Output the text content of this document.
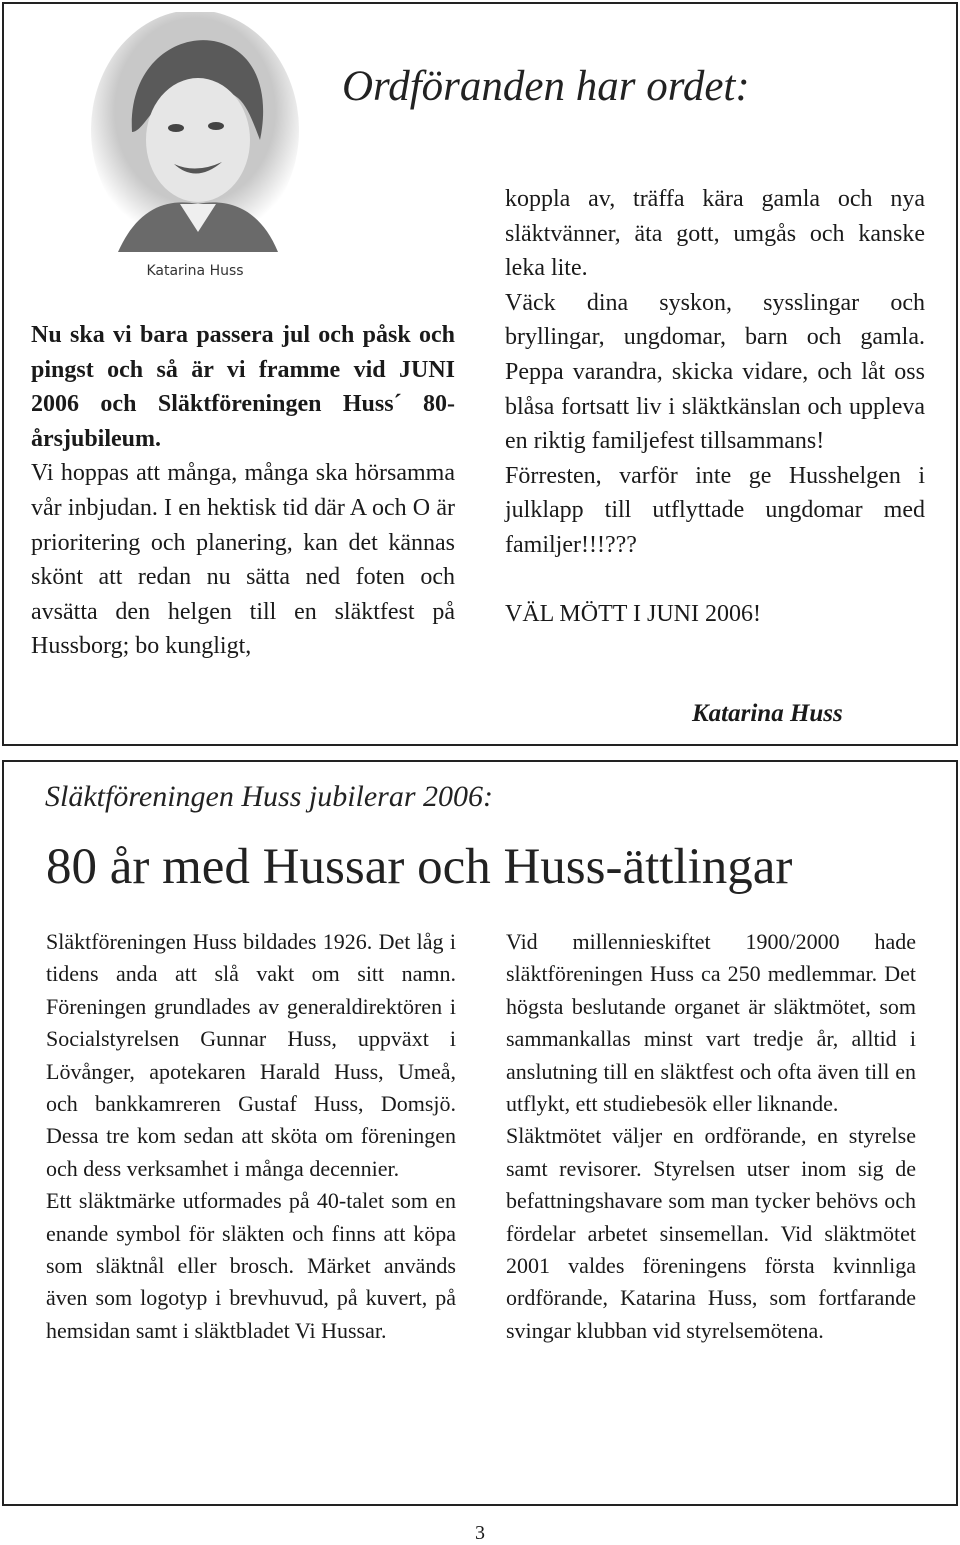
Katarina Huss
Ordföranden har ordet:

Nu ska vi bara passera jul och påsk och pingst och så är vi framme vid JUNI 2006 och Släktföreningen Huss´ 80-årsjubileum.

Vi hoppas att många, många ska hörsamma vår inbjudan. I en hektisk tid där A och O är prioritering och planering, kan det kännas skönt att redan nu sätta ned foten och avsätta den helgen till en släktfest på Hussborg; bo kungligt,

koppla av, träffa kära gamla och nya släktvänner, äta gott, umgås och kanske leka lite.

Väck dina syskon, sysslingar och bryllingar, ungdomar, barn och gamla. Peppa varandra, skicka vidare, och låt oss blåsa fortsatt liv i släktkänslan och uppleva en riktig familjefest tillsammans!

Förresten, varför inte ge Husshelgen i julklapp till utflyttade ungdomar med familjer!!!???

VÄL MÖTT I JUNI 2006!

Katarina Huss
Släktföreningen Huss jubilerar 2006:
80 år med Hussar och Huss-ättlingar

Släktföreningen Huss bildades 1926. Det låg i tidens anda att slå vakt om sitt namn. Föreningen grundlades av generaldirektören i Socialstyrelsen Gunnar Huss, uppväxt i Lövånger, apotekaren Harald Huss, Umeå, och bankkamreren Gustaf Huss, Domsjö. Dessa tre kom sedan att sköta om föreningen och dess verksamhet i många decennier.

Ett släktmärke utformades på 40-talet som en enande symbol för släkten och finns att köpa som släktnål eller brosch. Märket används även som logotyp i brevhuvud, på kuvert, på hemsidan samt i släktbladet Vi Hussar.

Vid millennieskiftet 1900/2000 hade släktföreningen Huss ca 250 medlemmar. Det högsta beslutande organet är släktmötet, som sammankallas minst vart tredje år, alltid i anslutning till en släktfest och ofta även till en utflykt, ett studiebesök eller liknande.

Släktmötet väljer en ordförande, en styrelse samt revisorer. Styrelsen utser inom sig de befattningshavare som man tycker behövs och fördelar arbetet sinsemellan. Vid släktmötet 2001 valdes föreningens första kvinnliga ordförande, Katarina Huss, som fortfarande svingar klubban vid styrelsemötena.

3
